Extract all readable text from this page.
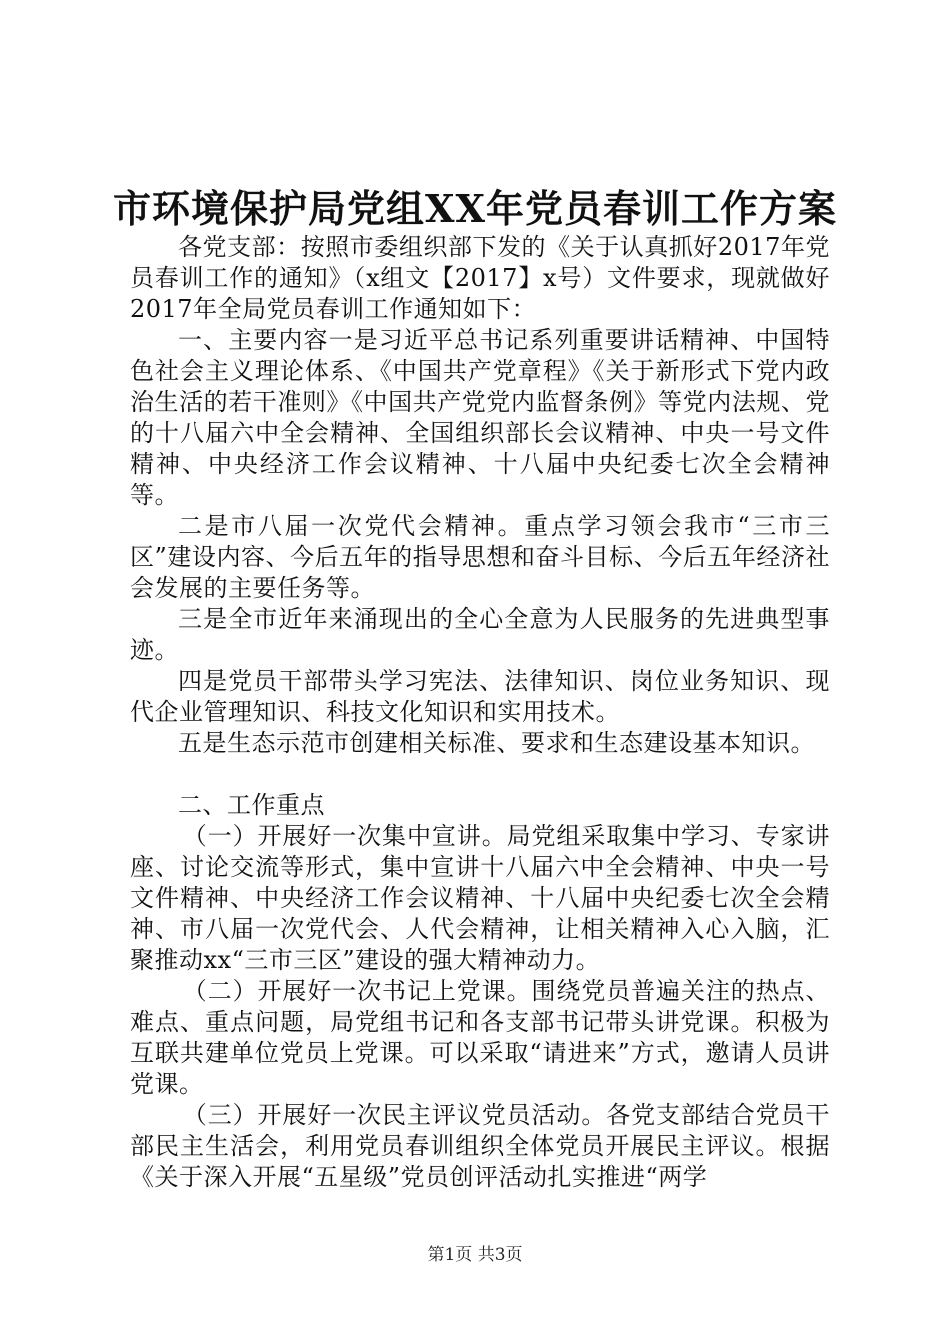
市环境保护局党组XX年党员春训工作方案

各党支部：按照市委组织部下发的《关于认真抓好2017年党员春训工作的通知》（x组文【2017】x号）文件要求，现就做好2017年全局党员春训工作通知如下：

一、主要内容一是习近平总书记系列重要讲话精神、中国特色社会主义理论体系、《中国共产党章程》《关于新形式下党内政治生活的若干准则》《中国共产党党内监督条例》等党内法规、党的十八届六中全会精神、全国组织部长会议精神、中央一号文件精神、中央经济工作会议精神、十八届中央纪委七次全会精神等。

二是市八届一次党代会精神。重点学习领会我市“三市三区”建设内容、今后五年的指导思想和奋斗目标、今后五年经济社会发展的主要任务等。

三是全市近年来涌现出的全心全意为人民服务的先进典型事迹。

四是党员干部带头学习宪法、法律知识、岗位业务知识、现代企业管理知识、科技文化知识和实用技术。

五是生态示范市创建相关标准、要求和生态建设基本知识。

二、工作重点

（一）开展好一次集中宣讲。局党组采取集中学习、专家讲座、讨论交流等形式，集中宣讲十八届六中全会精神、中央一号文件精神、中央经济工作会议精神、十八届中央纪委七次全会精神、市八届一次党代会、人代会精神，让相关精神入心入脑，汇聚推动xx“三市三区”建设的强大精神动力。

（二）开展好一次书记上党课。围绕党员普遍关注的热点、难点、重点问题，局党组书记和各支部书记带头讲党课。积极为互联共建单位党员上党课。可以采取“请进来”方式，邀请人员讲党课。

（三）开展好一次民主评议党员活动。各党支部结合党员干部民主生活会，利用党员春训组织全体党员开展民主评议。根据《关于深入开展“五星级”党员创评活动扎实推进“两学

第1页 共3页
